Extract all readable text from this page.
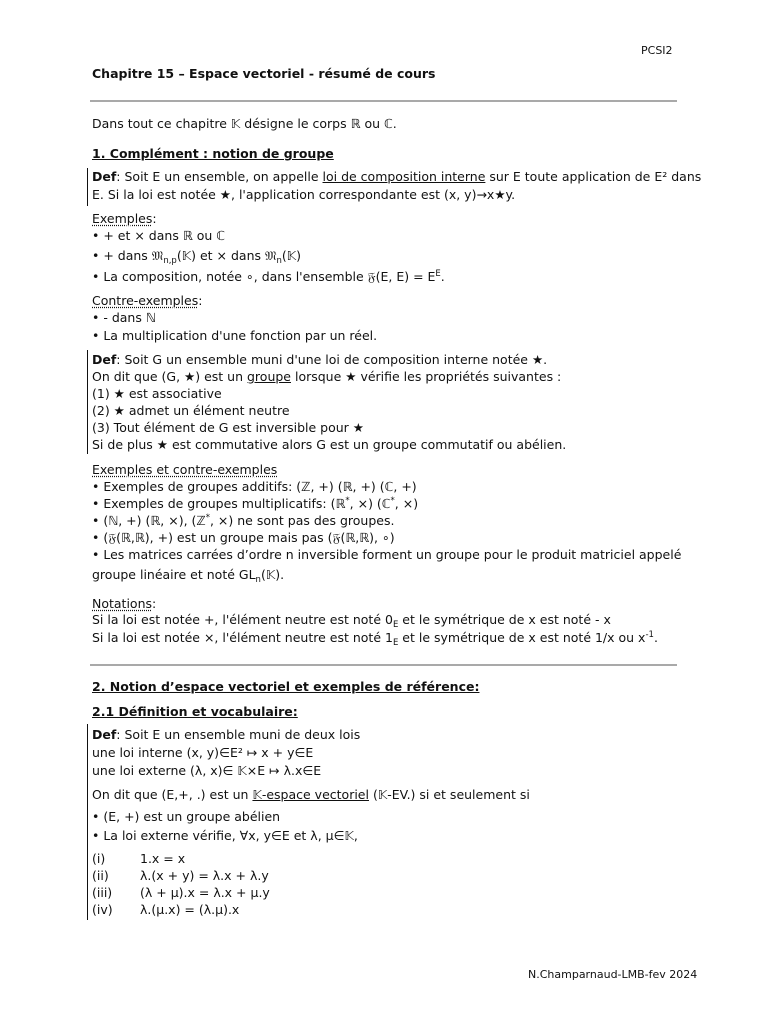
PCSI2
Chapitre 15 – Espace vectoriel - résumé de cours
Dans tout ce chapitre 𝕂 désigne le corps ℝ ou ℂ.
1. Complément : notion de groupe
Def: Soit E un ensemble, on appelle loi de composition interne sur E toute application de E² dans
E. Si la loi est notée ★, l'application correspondante est (x, y)→x★y.
Exemples:
• + et × dans ℝ ou ℂ
• + dans 𝔐$_{n,p}$(𝕂) et × dans 𝔐$_n$(𝕂)
• La composition, notée ∘, dans l'ensemble 𝔉(E, $E) = E^E$.
Contre-exemples:
• - dans ℕ
• La multiplication d'une fonction par un réel.
Def: Soit G un ensemble muni d'une loi de composition interne notée ★.
On dit que (G, ★) est un groupe lorsque ★ vérifie les propriétés suivantes :
(1) ★ est associative
(2) ★ admet un élément neutre
(3) Tout élément de G est inversible pour ★
Si de plus ★ est commutative alors G est un groupe commutatif ou abélien.
Exemples et contre-exemples
• Exemples de groupes additifs: (ℤ, +) (ℝ, +) (ℂ, +)
• Exemples de groupes multiplicatifs: (ℝ*, ×) (ℂ*, ×)
• (ℕ, +) (ℝ, ×), (ℤ*, ×) ne sont pas des groupes.
• (𝔉(ℝ,ℝ), +) est un groupe mais pas (𝔉(ℝ,ℝ), ∘)
• Les matrices carrées d’ordre n inversible forment un groupe pour le produit matriciel appelé
groupe linéaire et noté $GL_n(𝕂)$.
Notations:
Si la loi est notée +, l'élément neutre est noté $0_E$ et le symétrique de x est noté - x
Si la loi est notée ×, l'élément neutre est noté $1_E$ et le symétrique de x est noté 1/x ou $x^{-1}$.
2. Notion d’espace vectoriel et exemples de référence:
2.1 Définition et vocabulaire:
Def: Soit E un ensemble muni de deux lois
une loi interne (x, y)∈E² ↦ x + y∈E
une loi externe (λ, x)∈ 𝕂×E ↦ λ.x∈E
On dit que (E,+, .) est un 𝕂-espace vectoriel (𝕂-EV.) si et seulement si
• (E, +) est un groupe abélien
• La loi externe vérifie, ∀x, y∈E et λ, μ∈𝕂,
(i)	1.x = x
(ii)	λ.(x + y) = λ.x + λ.y
(iii) (λ + μ).x = λ.x + μ.y
(iv) λ.(μ.x) = (λ.μ).x
N.Champarnaud-LMB-fev 2024
